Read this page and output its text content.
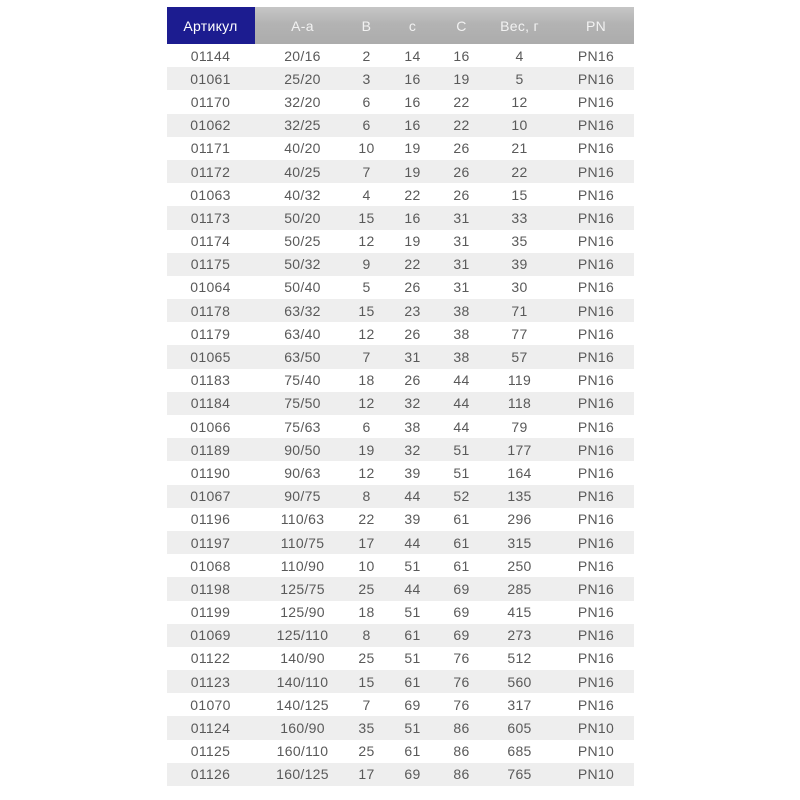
Артикул	А-а	В	с	С	Вес, г	PN
01144	20/16	2	14	16	4	PN16
01061	25/20	3	16	19	5	PN16
01170	32/20	6	16	22	12	PN16
01062	32/25	6	16	22	10	PN16
01171	40/20	10	19	26	21	PN16
01172	40/25	7	19	26	22	PN16
01063	40/32	4	22	26	15	PN16
01173	50/20	15	16	31	33	PN16
01174	50/25	12	19	31	35	PN16
01175	50/32	9	22	31	39	PN16
01064	50/40	5	26	31	30	PN16
01178	63/32	15	23	38	71	PN16
01179	63/40	12	26	38	77	PN16
01065	63/50	7	31	38	57	PN16
01183	75/40	18	26	44	119	PN16
01184	75/50	12	32	44	118	PN16
01066	75/63	6	38	44	79	PN16
01189	90/50	19	32	51	177	PN16
01190	90/63	12	39	51	164	PN16
01067	90/75	8	44	52	135	PN16
01196	110/63	22	39	61	296	PN16
01197	110/75	17	44	61	315	PN16
01068	110/90	10	51	61	250	PN16
01198	125/75	25	44	69	285	PN16
01199	125/90	18	51	69	415	PN16
01069	125/110	8	61	69	273	PN16
01122	140/90	25	51	76	512	PN16
01123	140/110	15	61	76	560	PN16
01070	140/125	7	69	76	317	PN16
01124	160/90	35	51	86	605	PN10
01125	160/110	25	61	86	685	PN10
01126	160/125	17	69	86	765	PN10
